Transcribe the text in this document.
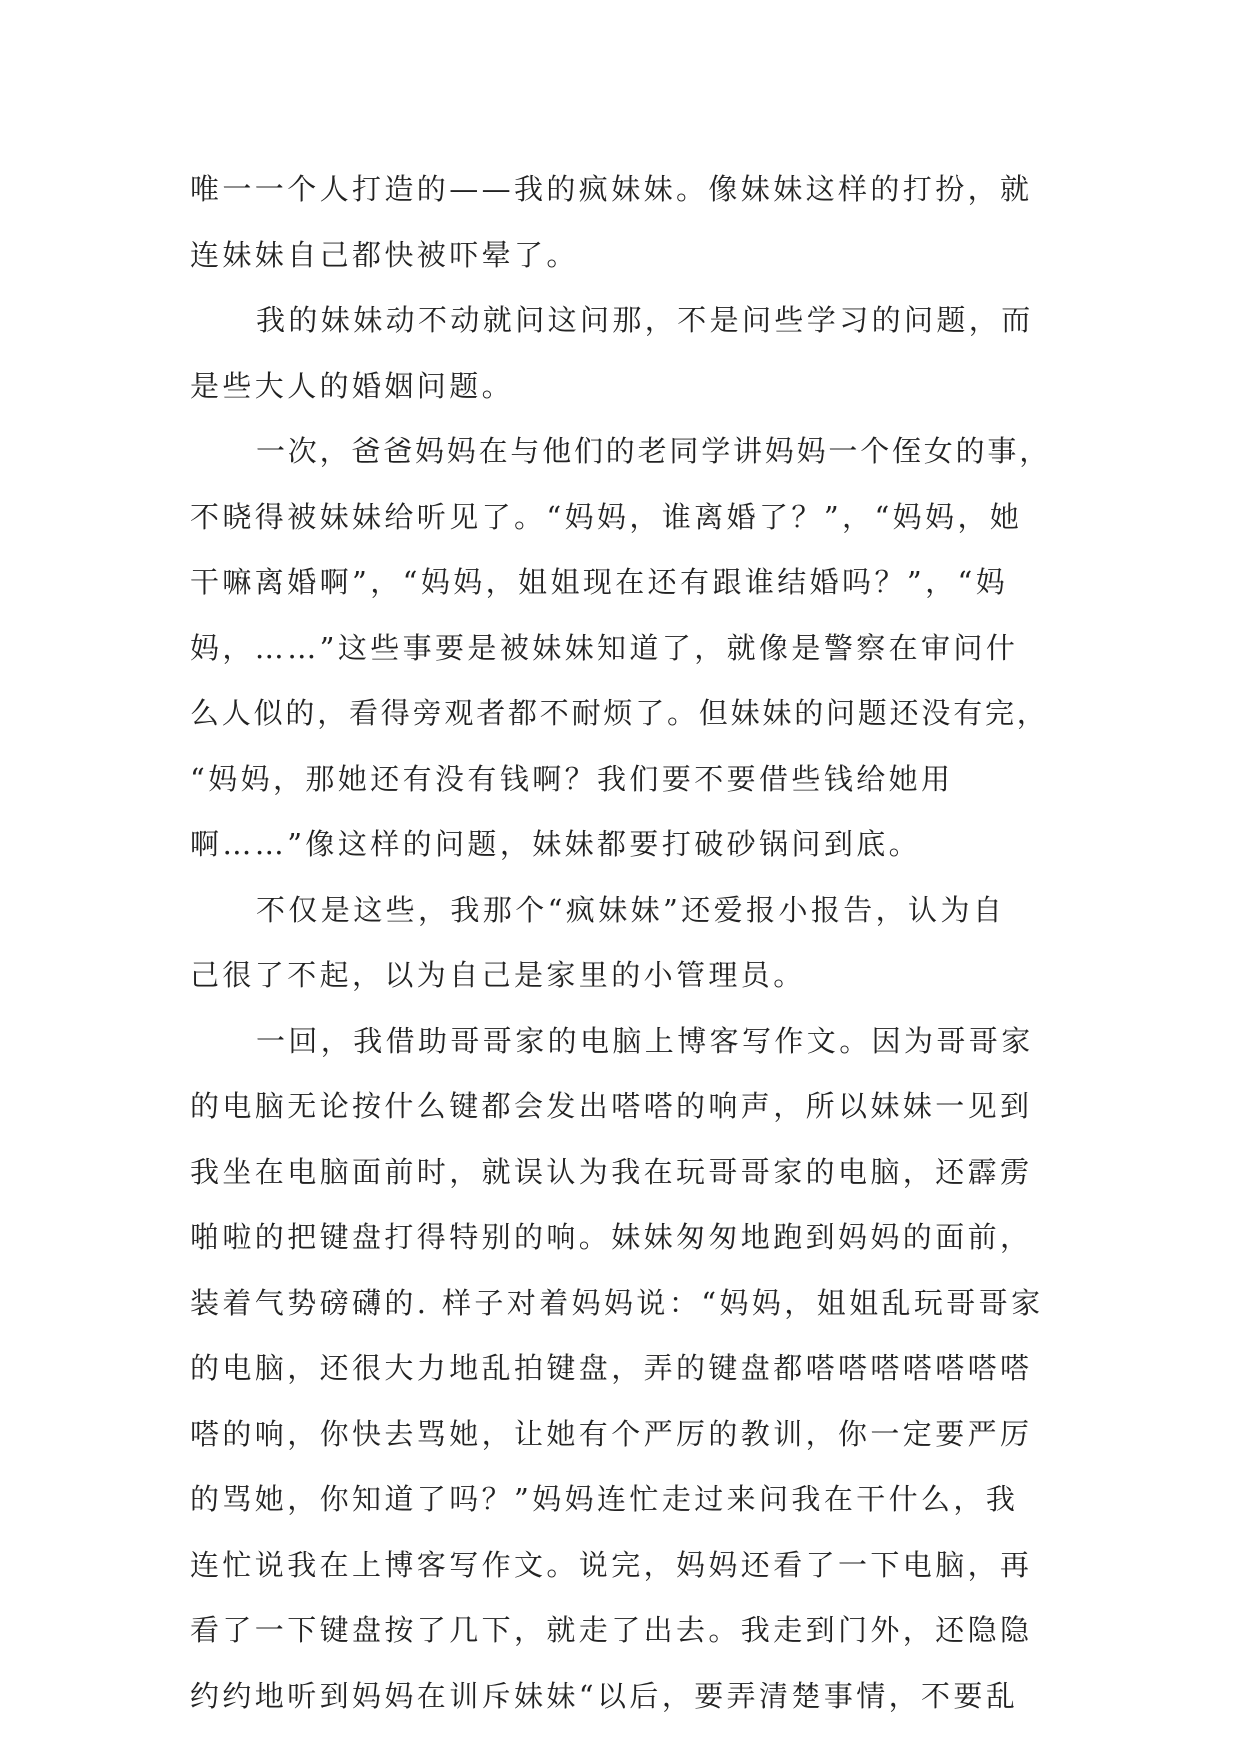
唯一一个人打造的——我的疯妹妹。像妹妹这样的打扮，就
连妹妹自己都快被吓晕了。
我的妹妹动不动就问这问那，不是问些学习的问题，而
是些大人的婚姻问题。
一次，爸爸妈妈在与他们的老同学讲妈妈一个侄女的事，
不晓得被妹妹给听见了。“妈妈，谁离婚了？”，“妈妈，她
干嘛离婚啊”，“妈妈，姐姐现在还有跟谁结婚吗？”，“妈
妈，……”这些事要是被妹妹知道了，就像是警察在审问什
么人似的，看得旁观者都不耐烦了。但妹妹的问题还没有完，
“妈妈，那她还有没有钱啊？我们要不要借些钱给她用
啊……”像这样的问题，妹妹都要打破砂锅问到底。
不仅是这些，我那个“疯妹妹”还爱报小报告，认为自
己很了不起，以为自己是家里的小管理员。
一回，我借助哥哥家的电脑上博客写作文。因为哥哥家
的电脑无论按什么键都会发出嗒嗒的响声，所以妹妹一见到
我坐在电脑面前时，就误认为我在玩哥哥家的电脑，还霹雳
啪啦的把键盘打得特别的响。妹妹匆匆地跑到妈妈的面前，
装着气势磅礴的. 样子对着妈妈说：“妈妈，姐姐乱玩哥哥家
的电脑，还很大力地乱拍键盘，弄的键盘都嗒嗒嗒嗒嗒嗒嗒
嗒的响，你快去骂她，让她有个严厉的教训，你一定要严厉
的骂她，你知道了吗？”妈妈连忙走过来问我在干什么，我
连忙说我在上博客写作文。说完，妈妈还看了一下电脑，再
看了一下键盘按了几下，就走了出去。我走到门外，还隐隐
约约地听到妈妈在训斥妹妹“以后，要弄清楚事情，不要乱
